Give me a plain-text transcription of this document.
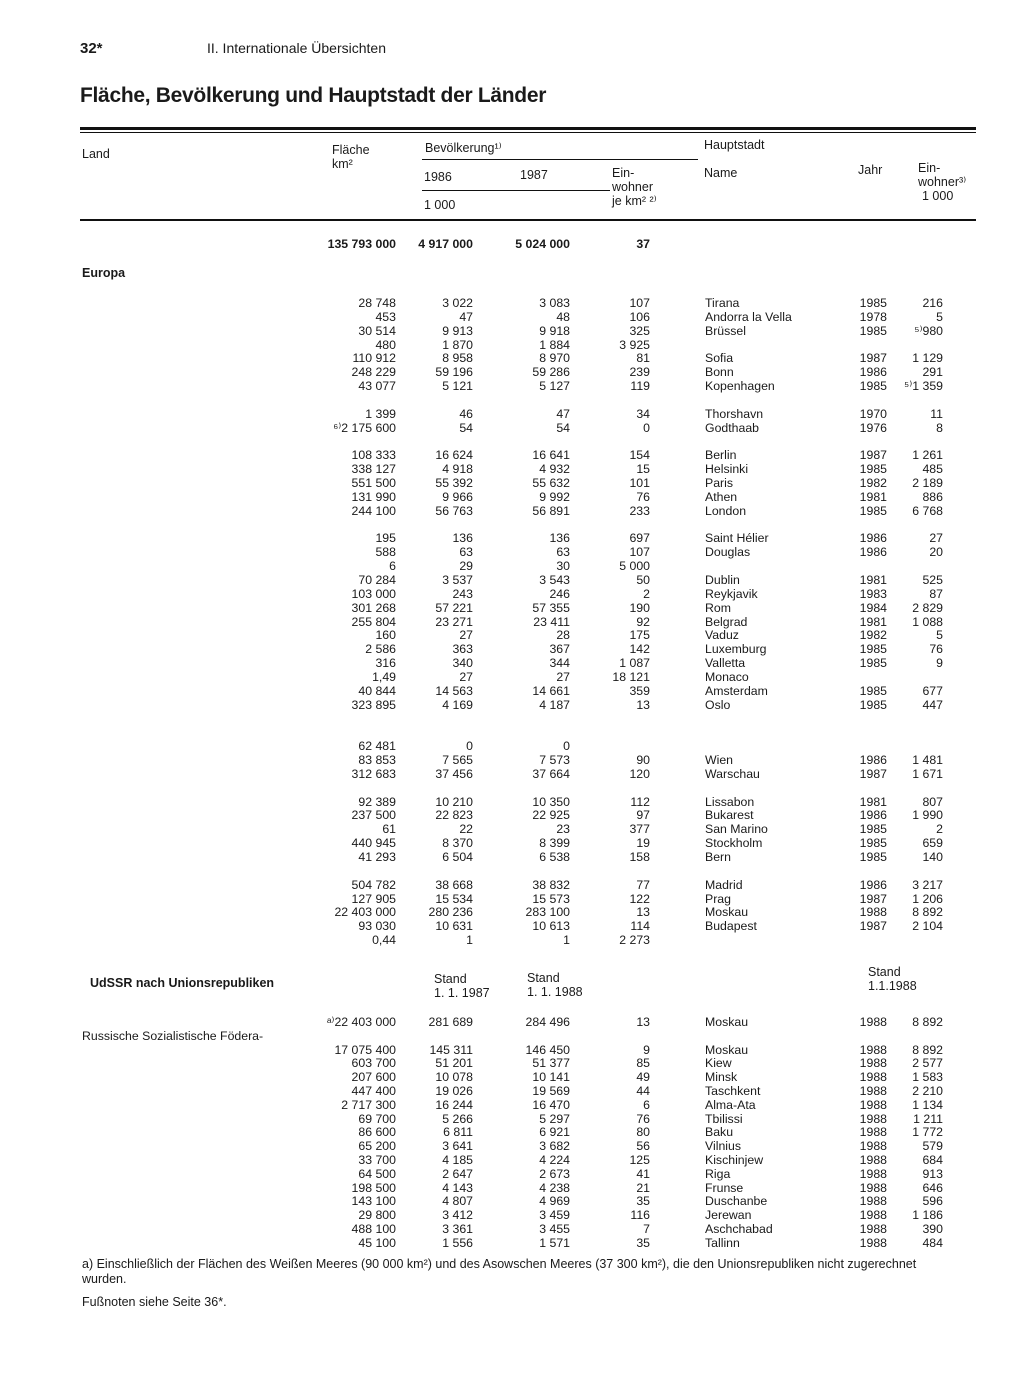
32*	II. Internationale Übersichten
Fläche, Bevölkerung und Hauptstadt der Länder
Land	Fläche
km²
Bevölkerung¹⁾
1986	1987	Ein-
wohner
je km² ²⁾
1 000
Hauptstadt
Name	Jahr	Ein-
wohner³⁾
1 000
135 793 000	4 917 000	5 024 000	37
Europa
28 748	3 022	3 083	107	Tirana	1985	216
453	47	48	106	Andorra la Vella	1978	5
30 514	9 913	9 918	325	Brüssel	1985	⁵⁾980
480	1 870	1 884	3 925
110 912	8 958	8 970	81	Sofia	1987	1 129
248 229	59 196	59 286	239	Bonn	1986	291
43 077	5 121	5 127	119	Kopenhagen	1985	⁵⁾1 359
1 399	46	47	34	Thorshavn	1970	11
⁶⁾2 175 600	54	54	0	Godthaab	1976	8
108 333	16 624	16 641	154	Berlin	1987	1 261
338 127	4 918	4 932	15	Helsinki	1985	485
551 500	55 392	55 632	101	Paris	1982	2 189
131 990	9 966	9 992	76	Athen	1981	886
244 100	56 763	56 891	233	London	1985	6 768
195	136	136	697	Saint Hélier	1986	27
588	63	63	107	Douglas	1986	20
6	29	30	5 000
70 284	3 537	3 543	50	Dublin	1981	525
103 000	243	246	2	Reykjavik	1983	87
301 268	57 221	57 355	190	Rom	1984	2 829
255 804	23 271	23 411	92	Belgrad	1981	1 088
160	27	28	175	Vaduz	1982	5
2 586	363	367	142	Luxemburg	1985	76
316	340	344	1 087	Valletta	1985	9
1,49	27	27	18 121	Monaco
40 844	14 563	14 661	359	Amsterdam	1985	677
323 895	4 169	4 187	13	Oslo	1985	447
62 481	0	0
83 853	7 565	7 573	90	Wien	1986	1 481
312 683	37 456	37 664	120	Warschau	1987	1 671
92 389	10 210	10 350	112	Lissabon	1981	807
237 500	22 823	22 925	97	Bukarest	1986	1 990
61	22	23	377	San Marino	1985	2
440 945	8 370	8 399	19	Stockholm	1985	659
41 293	6 504	6 538	158	Bern	1985	140
504 782	38 668	38 832	77	Madrid	1986	3 217
127 905	15 534	15 573	122	Prag	1987	1 206
22 403 000	280 236	283 100	13	Moskau	1988	8 892
93 030	10 631	10 613	114	Budapest	1987	2 104
0,44	1	1	2 273
UdSSR nach Unionsrepubliken	Stand
1. 1. 1987
Stand
1. 1. 1988
Stand
1.1.1988
ᵃ⁾22 403 000	281 689	284 496	13	Moskau	1988	8 892
Russische Sozialistische Födera-
17 075 400	145 311	146 450	9	Moskau	1988	8 892
603 700	51 201	51 377	85	Kiew	1988	2 577
207 600	10 078	10 141	49	Minsk	1988	1 583
447 400	19 026	19 569	44	Taschkent	1988	2 210
2 717 300	16 244	16 470	6	Alma-Ata	1988	1 134
69 700	5 266	5 297	76	Tbilissi	1988	1 211
86 600	6 811	6 921	80	Baku	1988	1 772
65 200	3 641	3 682	56	Vilnius	1988	579
33 700	4 185	4 224	125	Kischinjew	1988	684
64 500	2 647	2 673	41	Riga	1988	913
198 500	4 143	4 238	21	Frunse	1988	646
143 100	4 807	4 969	35	Duschanbe	1988	596
29 800	3 412	3 459	116	Jerewan	1988	1 186
488 100	3 361	3 455	7	Aschchabad	1988	390
45 100	1 556	1 571	35	Tallinn	1988	484
a) Einschließlich der Flächen des Weißen Meeres (90 000 km²) und des Asowschen Meeres (37 300 km²), die den Unionsrepubliken nicht zugerechnet
wurden.
Fußnoten siehe Seite 36*.
